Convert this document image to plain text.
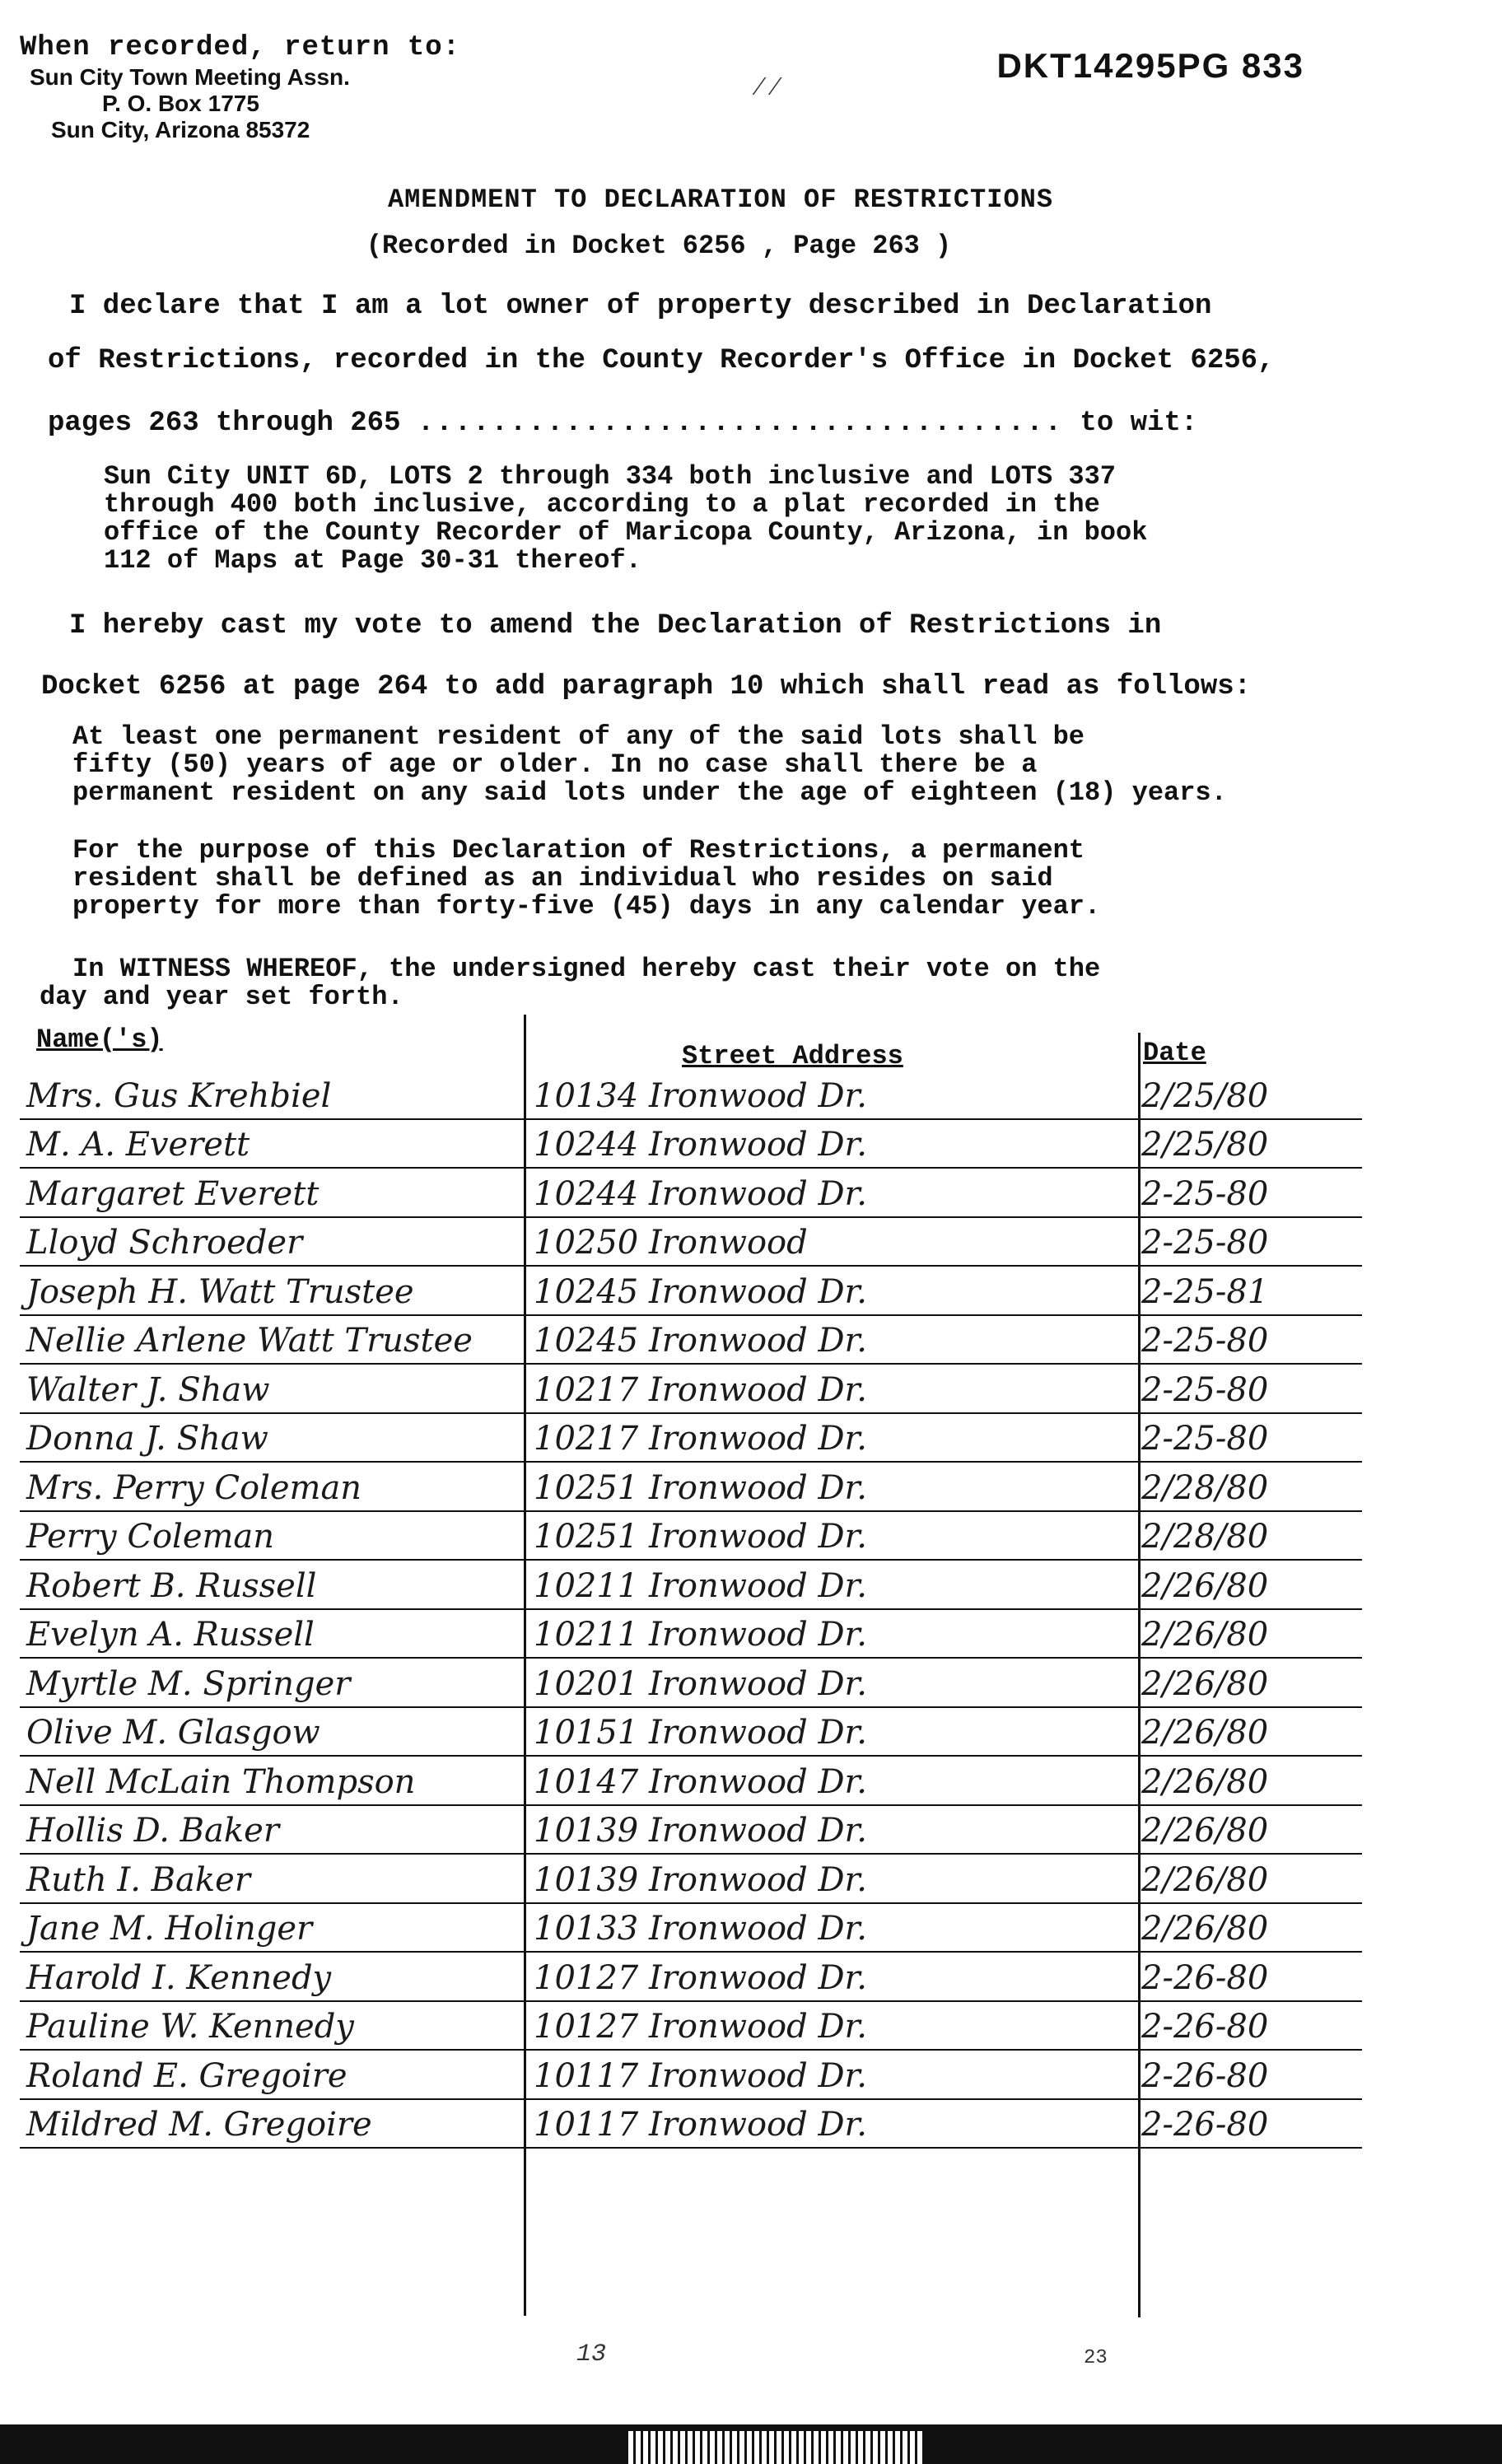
When recorded, return to:
Sun City Town Meeting Assn.
P. O. Box 1775
Sun City, Arizona 85372
∕∕
DKT14295PG 833
AMENDMENT TO DECLARATION OF RESTRICTIONS
(Recorded in Docket 6256 , Page 263 )
I declare that I am a lot owner of property described in Declaration
of Restrictions, recorded in the County Recorder's Office in Docket 6256,
pages 263 through 265 ................................... to wit:
Sun City UNIT 6D, LOTS 2 through 334 both inclusive and LOTS 337
through 400 both inclusive, according to a plat recorded in the
office of the County Recorder of Maricopa County, Arizona, in book
112 of Maps at Page 30-31 thereof.
I hereby cast my vote to amend the Declaration of Restrictions in
Docket 6256 at page 264 to add paragraph 10 which shall read as follows:
At least one permanent resident of any of the said lots shall be
fifty (50) years of age or older. In no case shall there be a
permanent resident on any said lots under the age of eighteen (18) years.
For the purpose of this Declaration of Restrictions, a permanent
resident shall be defined as an individual who resides on said
property for more than forty-five (45) days in any calendar year.
In WITNESS WHEREOF, the undersigned hereby cast their vote on the
day and year set forth.
Name('s)
Street Address	Date
Mrs. Gus Krehbiel	10134 Ironwood Dr.	2/25/80
M. A. Everett	10244 Ironwood Dr.	2/25/80
Margaret Everett	10244 Ironwood Dr.	2-25-80
Lloyd Schroeder	10250 Ironwood	2-25-80
Joseph H. Watt Trustee	10245 Ironwood Dr.	2-25-81
Nellie Arlene Watt Trustee 10245 Ironwood Dr.	2-25-80
Walter J. Shaw	10217 Ironwood Dr.	2-25-80
Donna J. Shaw	10217 Ironwood Dr.	2-25-80
Mrs. Perry Coleman	10251 Ironwood Dr.	2/28/80
Perry Coleman	10251 Ironwood Dr.	2/28/80
Robert B. Russell	10211 Ironwood Dr.	2/26/80
Evelyn A. Russell	10211 Ironwood Dr.	2/26/80
Myrtle M. Springer	10201 Ironwood Dr.	2/26/80
Olive M. Glasgow	10151 Ironwood Dr.	2/26/80
Nell McLain Thompson	10147 Ironwood Dr.	2/26/80
Hollis D. Baker	10139 Ironwood Dr.	2/26/80
Ruth I. Baker	10139 Ironwood Dr.	2/26/80
Jane M. Holinger	10133 Ironwood Dr.	2/26/80
Harold I. Kennedy	10127 Ironwood Dr.	2-26-80
Pauline W. Kennedy	10127 Ironwood Dr.	2-26-80
Roland E. Gregoire	10117 Ironwood Dr.	2-26-80
Mildred M. Gregoire	10117 Ironwood Dr.	2-26-80
13	23
